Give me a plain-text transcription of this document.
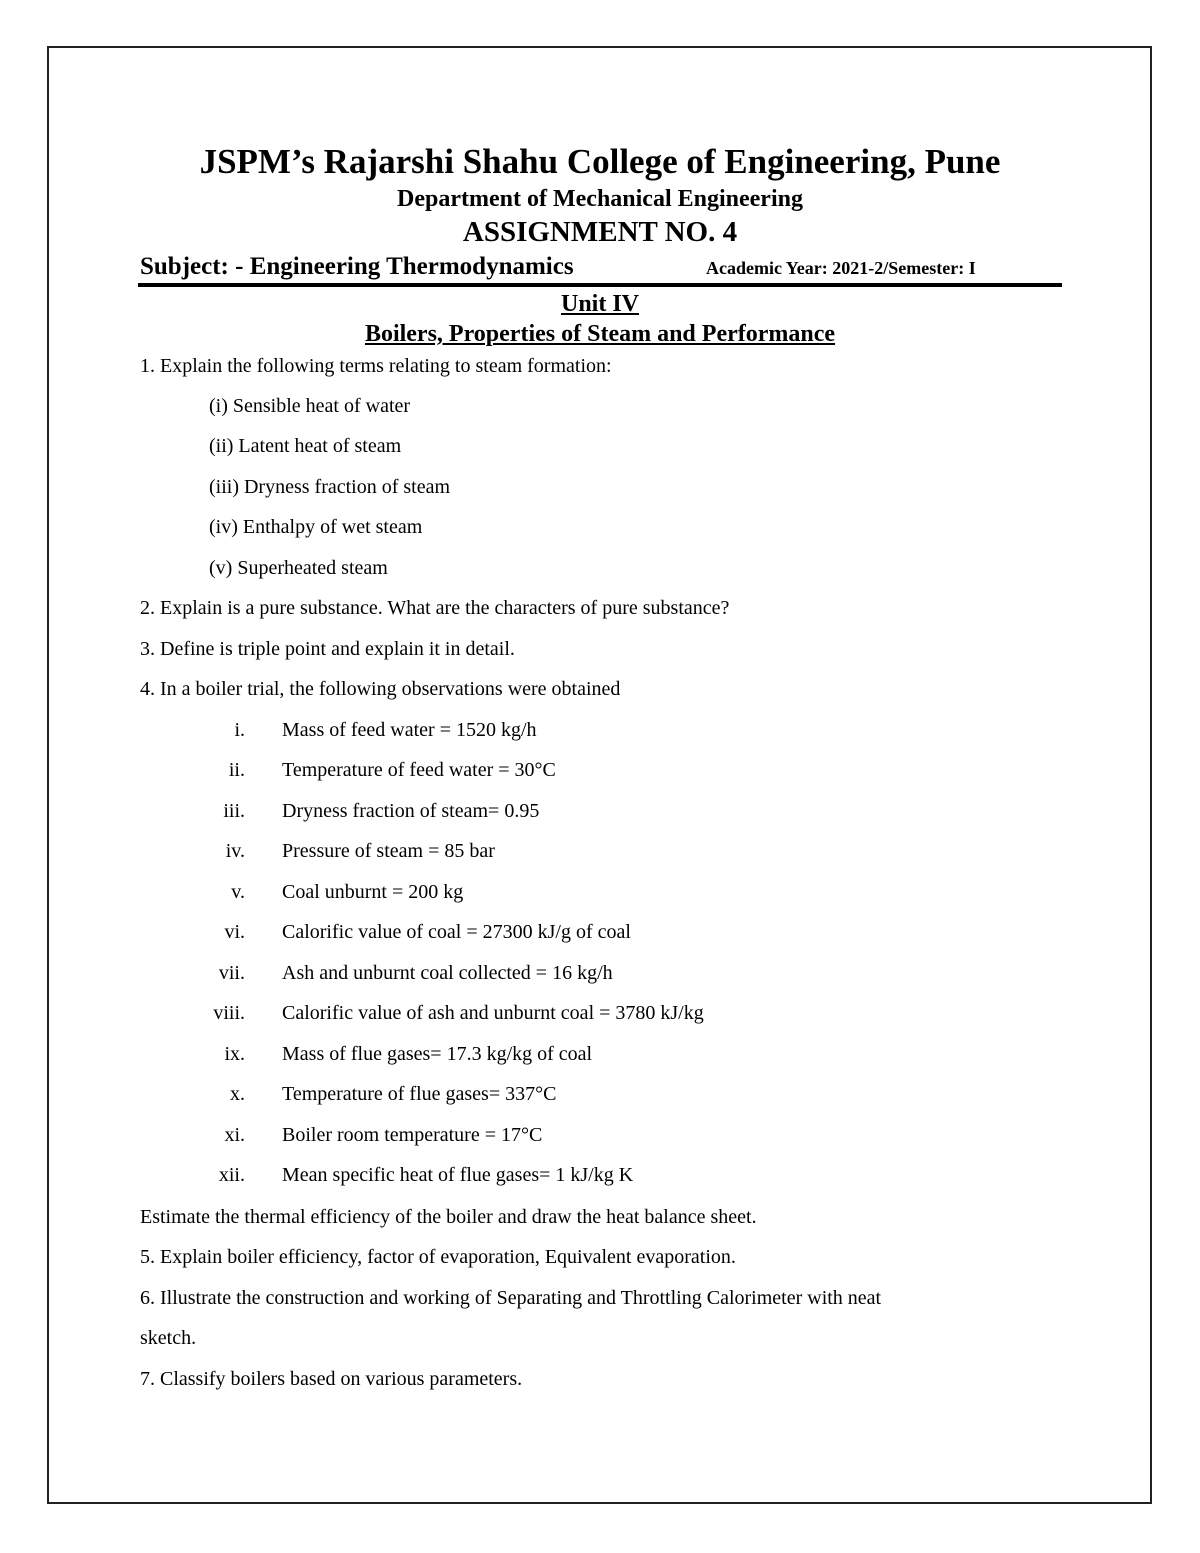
JSPM’s Rajarshi Shahu College of Engineering, Pune
Department of Mechanical Engineering
ASSIGNMENT NO. 4
Subject: - Engineering Thermodynamics	Academic Year: 2021-2/Semester: I
Unit IV
Boilers, Properties of Steam and Performance
1. Explain the following terms relating to steam formation:
(i) Sensible heat of water
(ii) Latent heat of steam
(iii) Dryness fraction of steam
(iv) Enthalpy of wet steam
(v) Superheated steam
2. Explain is a pure substance. What are the characters of pure substance?
3. Define is triple point and explain it in detail.
4. In a boiler trial, the following observations were obtained
i. Mass of feed water = 1520 kg/h
ii. Temperature of feed water = 30°C
iii. Dryness fraction of steam= 0.95
iv. Pressure of steam = 85 bar
v. Coal unburnt = 200 kg
vi. Calorific value of coal = 27300 kJ/g of coal
vii. Ash and unburnt coal collected = 16 kg/h
viii. Calorific value of ash and unburnt coal = 3780 kJ/kg
ix. Mass of flue gases= 17.3 kg/kg of coal
x. Temperature of flue gases= 337°C
xi. Boiler room temperature = 17°C
xii. Mean specific heat of flue gases= 1 kJ/kg K
Estimate the thermal efficiency of the boiler and draw the heat balance sheet.
5. Explain boiler efficiency, factor of evaporation, Equivalent evaporation.
6. Illustrate the construction and working of Separating and Throttling Calorimeter with neat
sketch.
7. Classify boilers based on various parameters.
